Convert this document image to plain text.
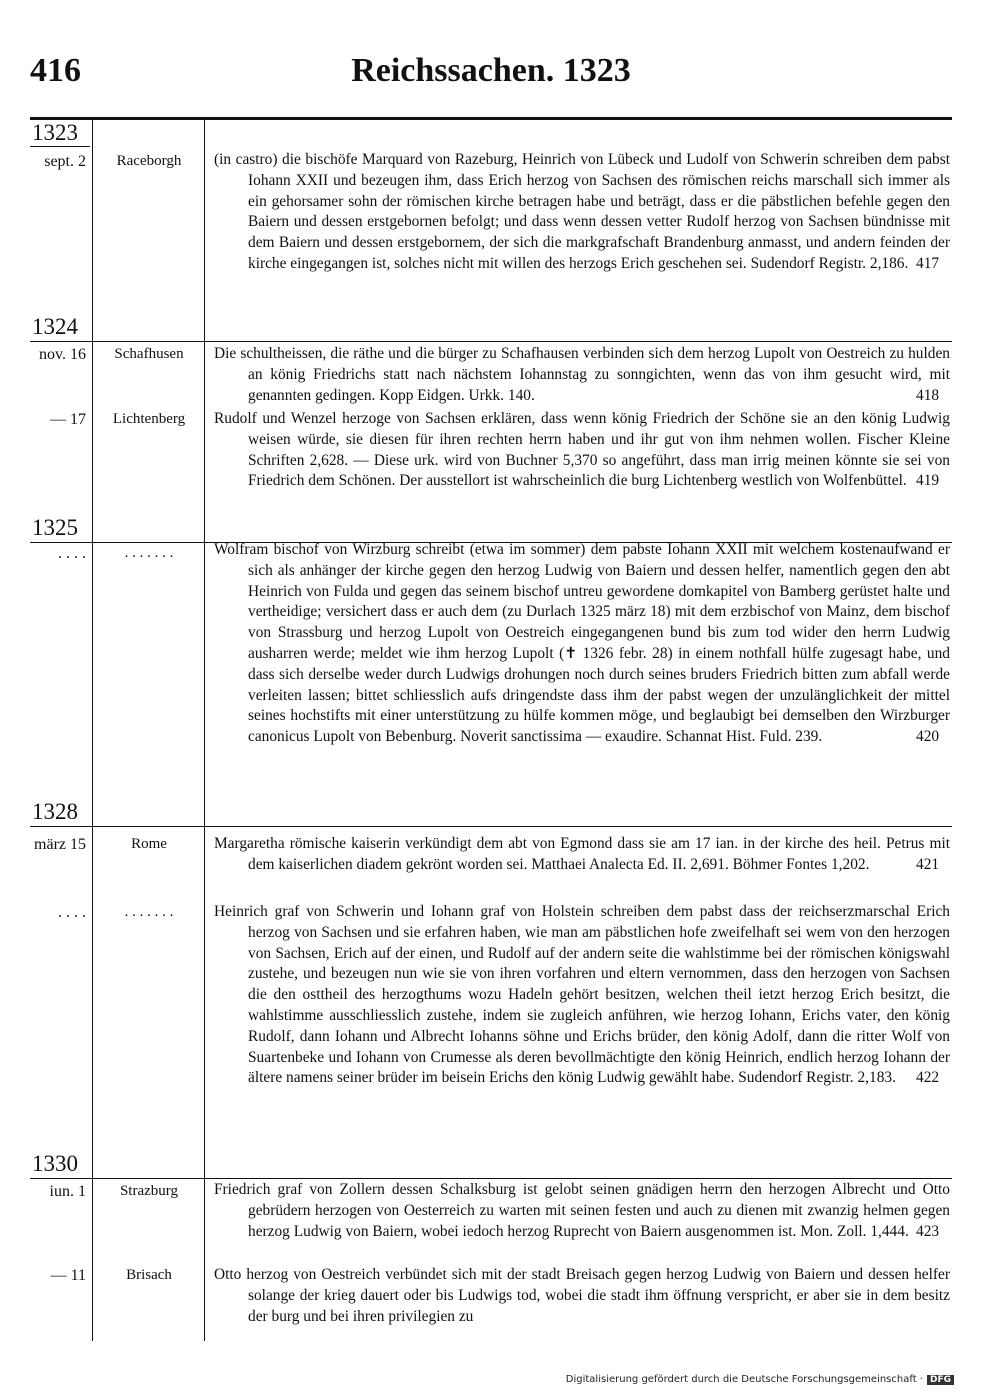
Reichssachen. 1323
416
1323
1324
1325
1328
1330
sept. 2	Raceborgh	(in castro) die bischöfe Marquard von Razeburg, Heinrich von Lübeck und Ludolf von Schwerin schreiben dem pabst Iohann XXII und bezeugen ihm, dass Erich herzog von Sachsen des römischen reichs marschall sich immer als ein gehorsamer sohn der römischen kirche betragen habe und beträgt, dass er die päbstlichen befehle gegen den Baiern und dessen erstgebornen befolgt; und dass wenn dessen vetter Rudolf herzog von Sachsen bündnisse mit dem Baiern und dessen erstgebornem, der sich die markgrafschaft Brandenburg anmasst, und andern feinden der kirche eingegangen ist, solches nicht mit willen des herzogs Erich geschehen sei. Sudendorf Registr. 2,186. 417

nov. 16	Schafhusen	Die schultheissen, die räthe und die bürger zu Schafhausen verbinden sich dem herzog Lupolt von Oestreich zu hulden an könig Friedrichs statt nach nächstem Iohannstag zu sonngichten, wenn das von ihm gesucht wird, mit genannten gedingen. Kopp Eidgen. Urkk. 140.	418

— 17	Lichtenberg	Rudolf und Wenzel herzoge von Sachsen erklären, dass wenn könig Friedrich der Schöne sie an den könig Ludwig weisen würde, sie diesen für ihren rechten herrn haben und ihr gut von ihm nehmen wollen. Fischer Kleine Schriften 2,628. — Diese urk. wird von Buchner 5,370 so angeführt, dass man irrig meinen könnte sie sei von Friedrich dem Schönen. Der ausstellort ist wahrscheinlich die burg Lichtenberg westlich von Wolfenbüttel. 419

. . . .	. . . . . . .	Wolfram bischof von Wirzburg schreibt (etwa im sommer) dem pabste Iohann XXII mit welchem kostenaufwand er sich als anhänger der kirche gegen den herzog Ludwig von Baiern und dessen helfer, namentlich gegen den abt Heinrich von Fulda und gegen das seinem bischof untreu gewordene domkapitel von Bamberg gerüstet halte und vertheidige; versichert dass er auch dem (zu Durlach 1325 märz 18) mit dem erzbischof von Mainz, dem bischof von Strassburg und herzog Lupolt von Oestreich eingegangenen bund bis zum tod wider den herrn Ludwig ausharren werde; meldet wie ihm herzog Lupolt (✝ 1326 febr. 28) in einem nothfall hülfe zugesagt habe, und dass sich derselbe weder durch Ludwigs drohungen noch durch seines bruders Friedrich bitten zum abfall werde verleiten lassen; bittet schliesslich aufs dringendste dass ihm der pabst wegen der unzulänglichkeit der mittel seines hochstifts mit einer unterstützung zu hülfe kommen möge, und beglaubigt bei demselben den Wirzburger canonicus Lupolt von Bebenburg. Noverit sanctissima — exaudire. Schannat Hist. Fuld. 239.	420

märz 15	Rome	Margaretha römische kaiserin verkündigt dem abt von Egmond dass sie am 17 ian. in der kirche des heil. Petrus mit dem kaiserlichen diadem gekrönt worden sei. Matthaei Analecta Ed. II. 2,691. Böhmer Fontes 1,202.	421

. . . .	. . . . . . .	Heinrich graf von Schwerin und Iohann graf von Holstein schreiben dem pabst dass der reichserzmarschal Erich herzog von Sachsen und sie erfahren haben, wie man am päbstlichen hofe zweifelhaft sei wem von den herzogen von Sachsen, Erich auf der einen, und Rudolf auf der andern seite die wahlstimme bei der römischen königswahl zustehe, und bezeugen nun wie sie von ihren vorfahren und eltern vernommen, dass den herzogen von Sachsen die den osttheil des herzogthums wozu Hadeln gehört besitzen, welchen theil ietzt herzog Erich besitzt, die wahlstimme ausschliesslich zustehe, indem sie zugleich anführen, wie herzog Iohann, Erichs vater, den könig Rudolf, dann Iohann und Albrecht Iohanns söhne und Erichs brüder, den könig Adolf, dann die ritter Wolf von Suartenbeke und Iohann von Crumesse als deren bevollmächtigte den könig Heinrich, endlich herzog Iohann der ältere namens seiner brüder im beisein Erichs den könig Ludwig gewählt habe. Sudendorf Registr. 2,183. 422

iun. 1	Strazburg	Friedrich graf von Zollern dessen Schalksburg ist gelobt seinen gnädigen herrn den herzogen Albrecht und Otto gebrüdern herzogen von Oesterreich zu warten mit seinen festen und auch zu dienen mit zwanzig helmen gegen herzog Ludwig von Baiern, wobei iedoch herzog Ruprecht von Baiern ausgenommen ist. Mon. Zoll. 1,444. 423

— 11	Brisach	Otto herzog von Oestreich verbündet sich mit der stadt Breisach gegen herzog Ludwig von Baiern und dessen helfer solange der krieg dauert oder bis Ludwigs tod, wobei die stadt ihm öffnung verspricht, er aber sie in dem besitz der burg und bei ihren privilegien zu

Digitalisierung gefördert durch die Deutsche Forschungsgemeinschaft · DFG
